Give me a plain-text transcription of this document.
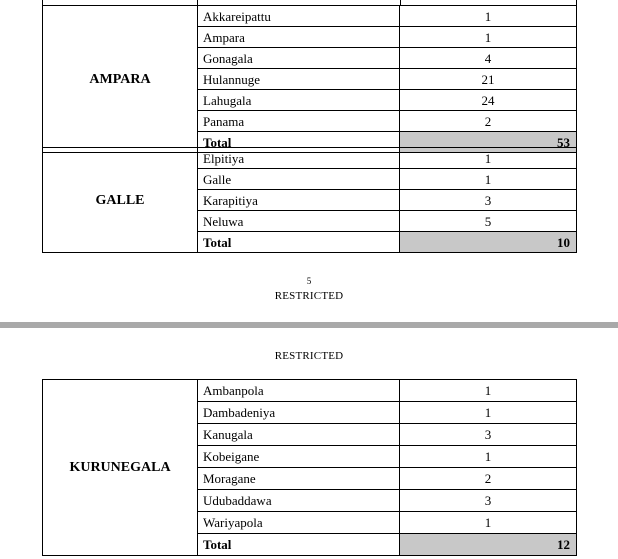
AMPARA	Akkareipattu	1
	Ampara	1
	Gonagala	4
	Hulannuge	21
	Lahugala	24
	Panama	2
	Total	53
GALLE	Elpitiya	1
	Galle	1
	Karapitiya	3
	Neluwa	5
	Total	10
5
RESTRICTED
RESTRICTED
KURUNEGALA	Ambanpola	1
	Dambadeniya	1
	Kanugala	3
	Kobeigane	1
	Moragane	2
	Udubaddawa	3
	Wariyapola	1
	Total	12
